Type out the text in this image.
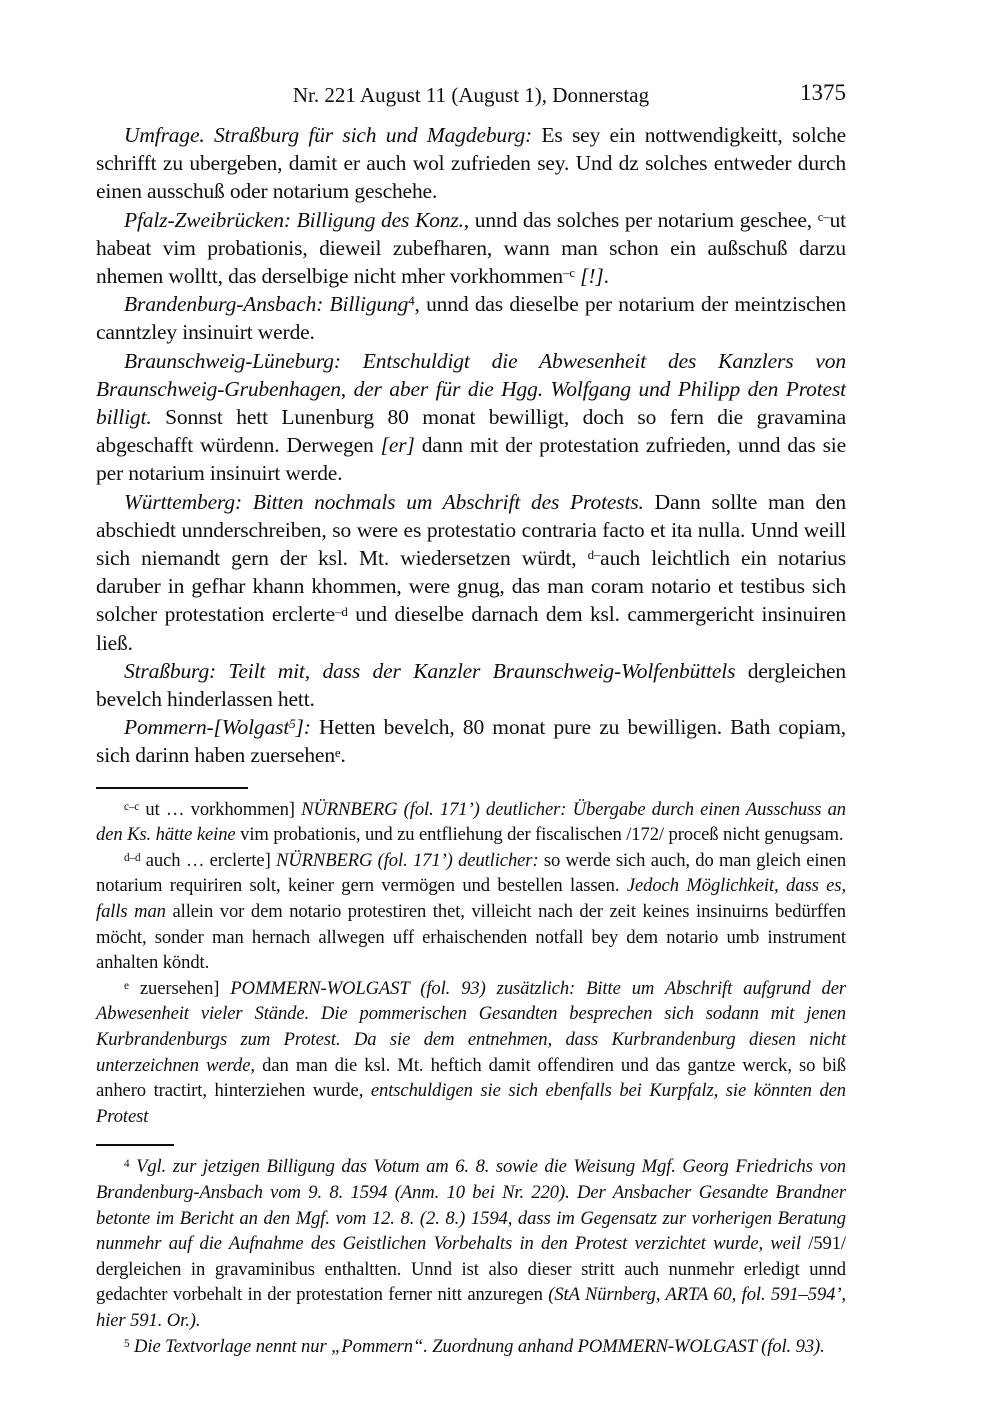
Nr. 221 August 11 (August 1), Donnerstag	1375

Umfrage. Straßburg für sich und Magdeburg: Es sey ein nottwendigkeitt, solche schrifft zu ubergeben, damit er auch wol zufrieden sey. Und dz solches entweder durch einen ausschuß oder notarium geschehe.

Pfalz-Zweibrücken: Billigung des Konz., unnd das solches per notarium geschee, $^{c-}$ut habeat vim probationis, dieweil zubefharen, wann man schon ein außschuß darzu nhemen wolltt, das derselbige nicht mher vorkhommen$^{-c}$ [!].

Brandenburg-Ansbach: Billigung$^4$, unnd das dieselbe per notarium der meintzischen canntzley insinuirt werde.

Braunschweig-Lüneburg: Entschuldigt die Abwesenheit des Kanzlers von Braunschweig-Grubenhagen, der aber für die Hgg. Wolfgang und Philipp den Protest billigt. Sonnst hett Lunenburg 80 monat bewilligt, doch so fern die gravamina abgeschafft würdenn. Derwegen [er] dann mit der protestation zufrieden, unnd das sie per notarium insinuirt werde.

Württemberg: Bitten nochmals um Abschrift des Protests. Dann sollte man den abschiedt unnderschreiben, so were es protestatio contraria facto et ita nulla. Unnd weill sich niemandt gern der ksl. Mt. wiedersetzen würdt, $^{d-}$auch leichtlich ein notarius daruber in gefhar khann khommen, were gnug, das man coram notario et testibus sich solcher protestation erclerte$^{-d}$ und dieselbe darnach dem ksl. cammergericht insinuiren ließ.

Straßburg: Teilt mit, dass der Kanzler Braunschweig-Wolfenbüttels dergleichen bevelch hinderlassen hett.

Pommern-[Wolgast$^5$]: Hetten bevelch, 80 monat pure zu bewilligen. Bath copiam, sich darinn haben zuersehen$^e$.

$^{c-c}$ ut … vorkhommen] NÜRNBERG (fol. 171’) deutlicher: Übergabe durch einen Ausschuss an den Ks. hätte keine vim probationis, und zu entfliehung der fiscalischen /172/ proceß nicht genugsam.

$^{d-d}$ auch … erclerte] NÜRNBERG (fol. 171’) deutlicher: so werde sich auch, do man gleich einen notarium requiriren solt, keiner gern vermögen und bestellen lassen. Jedoch Möglichkeit, dass es, falls man allein vor dem notario protestiren thet, villeicht nach der zeit keines insinuirns bedürffen möcht, sonder man hernach allwegen uff erhaischenden notfall bey dem notario umb instrument anhalten köndt.

$^e$ zuersehen] POMMERN-WOLGAST (fol. 93) zusätzlich: Bitte um Abschrift aufgrund der Abwesenheit vieler Stände. Die pommerischen Gesandten besprechen sich sodann mit jenen Kurbrandenburgs zum Protest. Da sie dem entnehmen, dass Kurbrandenburg diesen nicht unterzeichnen werde, dan man die ksl. Mt. heftich damit offendiren und das gantze werck, so biß anhero tractirt, hinterziehen wurde, entschuldigen sie sich ebenfalls bei Kurpfalz, sie könnten den Protest

$^4$ Vgl. zur jetzigen Billigung das Votum am 6. 8. sowie die Weisung Mgf. Georg Friedrichs von Brandenburg-Ansbach vom 9. 8. 1594 (Anm. 10 bei Nr. 220). Der Ansbacher Gesandte Brandner betonte im Bericht an den Mgf. vom 12. 8. (2. 8.) 1594, dass im Gegensatz zur vorherigen Beratung nunmehr auf die Aufnahme des Geistlichen Vorbehalts in den Protest verzichtet wurde, weil /591/ dergleichen in gravaminibus enthaltten. Unnd ist also dieser stritt auch nunmehr erledigt unnd gedachter vorbehalt in der protestation ferner nitt anzuregen (StA Nürnberg, ARTA 60, fol. 591–594’, hier 591. Or.).

$^5$ Die Textvorlage nennt nur „Pommern“. Zuordnung anhand POMMERN-WOLGAST (fol. 93).
